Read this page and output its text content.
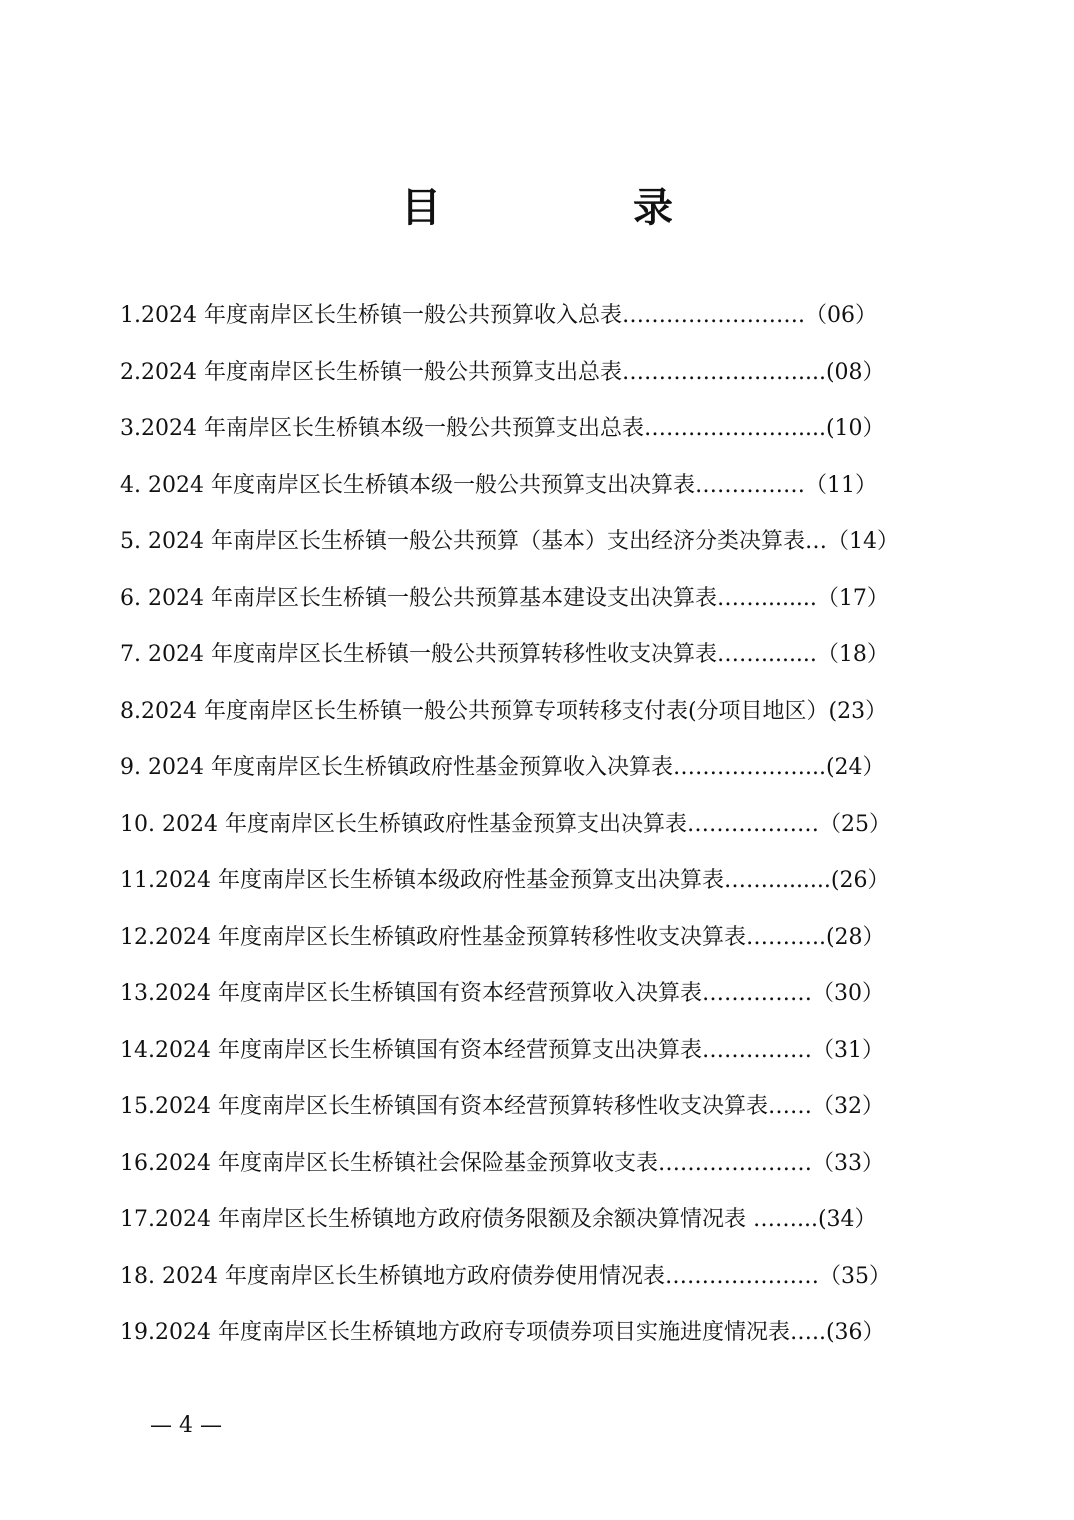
目　录
1.2024 年度南岸区长生桥镇一般公共预算收入总表…………………….（06）
2.2024 年度南岸区长生桥镇一般公共预算支出总表……………………....(08）
3.2024 年南岸区长生桥镇本级一般公共预算支出总表…………………....(10）
4. 2024 年度南岸区长生桥镇本级一般公共预算支出决算表……………（11）
5. 2024 年南岸区长生桥镇一般公共预算（基本）支出经济分类决算表…（14）
6. 2024 年南岸区长生桥镇一般公共预算基本建设支出决算表……........（17）
7. 2024 年度南岸区长生桥镇一般公共预算转移性收支决算表……........（18）
8.2024 年度南岸区长生桥镇一般公共预算专项转移支付表(分项目地区）(23）
9. 2024 年度南岸区长生桥镇政府性基金预算收入决算表………………...(24）
10. 2024 年度南岸区长生桥镇政府性基金预算支出决算表………………（25）
11.2024 年度南岸区长生桥镇本级政府性基金预算支出决算表…….........(26）
12.2024 年度南岸区长生桥镇政府性基金预算转移性收支决算表………..(28）
13.2024 年度南岸区长生桥镇国有资本经营预算收入决算表……………（30）
14.2024 年度南岸区长生桥镇国有资本经营预算支出决算表……………（31）
15.2024 年度南岸区长生桥镇国有资本经营预算转移性收支决算表……（32）
16.2024 年度南岸区长生桥镇社会保险基金预算收支表…………………（33）
17.2024 年南岸区长生桥镇地方政府债务限额及余额决算情况表 ……...(34）
18. 2024 年度南岸区长生桥镇地方政府债券使用情况表…………………（35）
19.2024 年度南岸区长生桥镇地方政府专项债券项目实施进度情况表…..(36）
— 4 —
